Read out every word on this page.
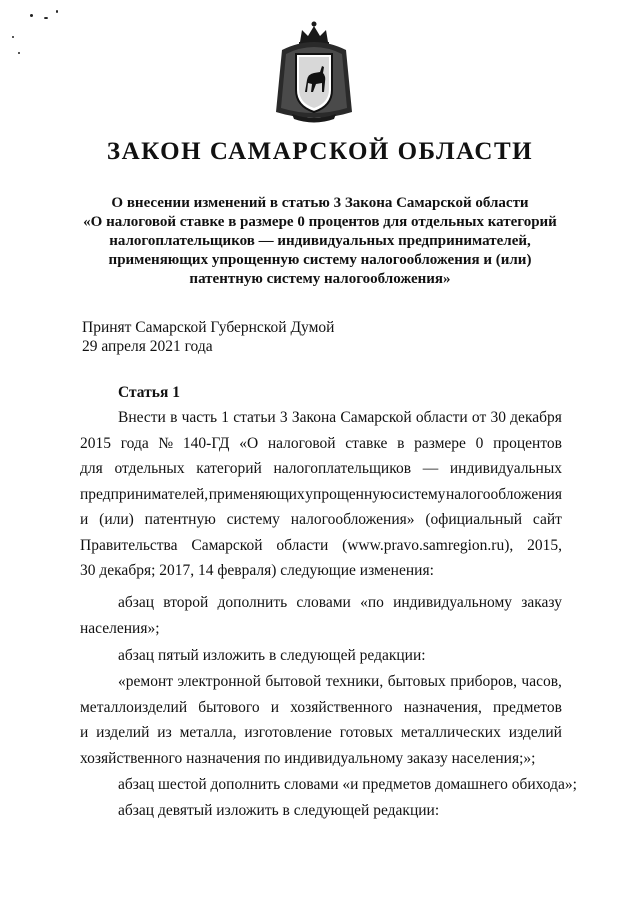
ЗАКОН САМАРСКОЙ ОБЛАСТИ
О внесении изменений в статью 3 Закона Самарской области
«О налоговой ставке в размере 0 процентов для отдельных категорий
налогоплательщиков — индивидуальных предпринимателей,
применяющих упрощенную систему налогообложения и (или)
патентную систему налогообложения»
Принят Самарской Губернской Думой
29 апреля 2021 года
Статья 1
Внести в часть 1 статьи 3 Закона Самарской области от 30 декабря
2015 года № 140-ГД «О налоговой ставке в размере 0 процентов
для отдельных категорий налогоплательщиков — индивидуальных
предпринимателей, применяющих упрощенную систему налогообложения
и (или) патентную систему налогообложения» (официальный сайт
Правительства Самарской области (www.pravo.samregion.ru), 2015,
30 декабря; 2017, 14 февраля) следующие изменения:
абзац второй дополнить словами «по индивидуальному заказу
населения»;
абзац пятый изложить в следующей редакции:
«ремонт электронной бытовой техники, бытовых приборов, часов,
металлоизделий бытового и хозяйственного назначения, предметов
и изделий из металла, изготовление готовых металлических изделий
хозяйственного назначения по индивидуальному заказу населения;»;
абзац шестой дополнить словами «и предметов домашнего обихода»;
абзац девятый изложить в следующей редакции:
